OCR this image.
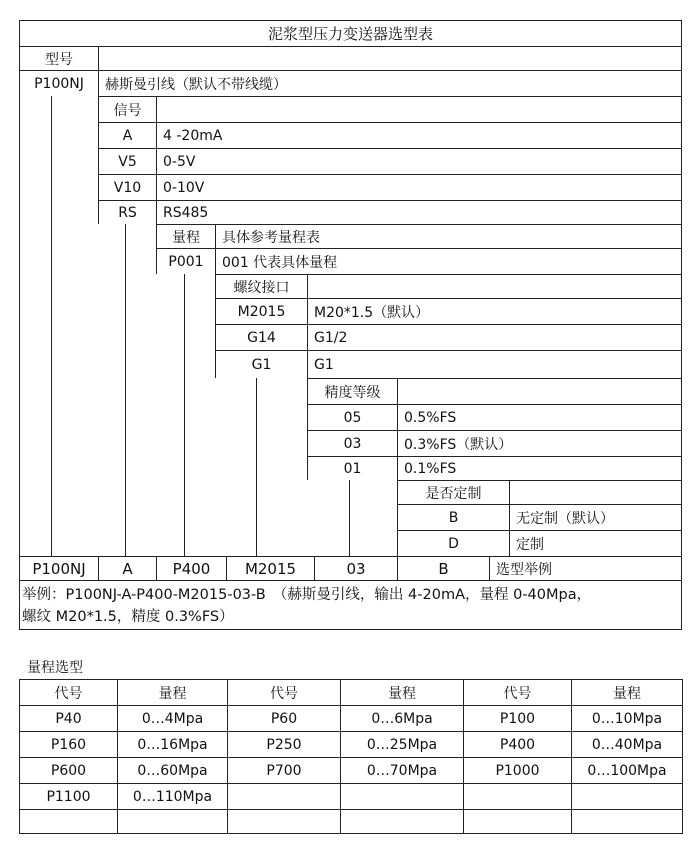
泥浆型压力变送器选型表
型号
P100NJ	赫斯曼引线（默认不带线缆）
信号
A	4 -20mA
V5	0-5V
V10	0-10V
RS	RS485
量程	具体参考量程表
P001	001 代表具体量程
螺纹接口
M2015	M20*1.5（默认）
G14	G1/2
G1	G1
精度等级
05	0.5%FS
03	0.3%FS（默认）
01	0.1%FS
是否定制
B	无定制（默认）
D	定制
P100NJ	A	P400	M2015	03	B	选型举例
举例：P100NJ-A-P400-M2015-03-B　（赫斯曼引线，输出 4-20mA，量程 0-40Mpa，
螺纹 M20*1.5，精度 0.3%FS）
量程选型
代号	量程	代号	量程	代号	量程
P40	0…4Mpa	P60	0…6Mpa	P100	0…10Mpa
P160	0…16Mpa	P250	0…25Mpa	P400	0…40Mpa
P600	0…60Mpa	P700	0…70Mpa	P1000	0…100Mpa
P1100	0…110Mpa
